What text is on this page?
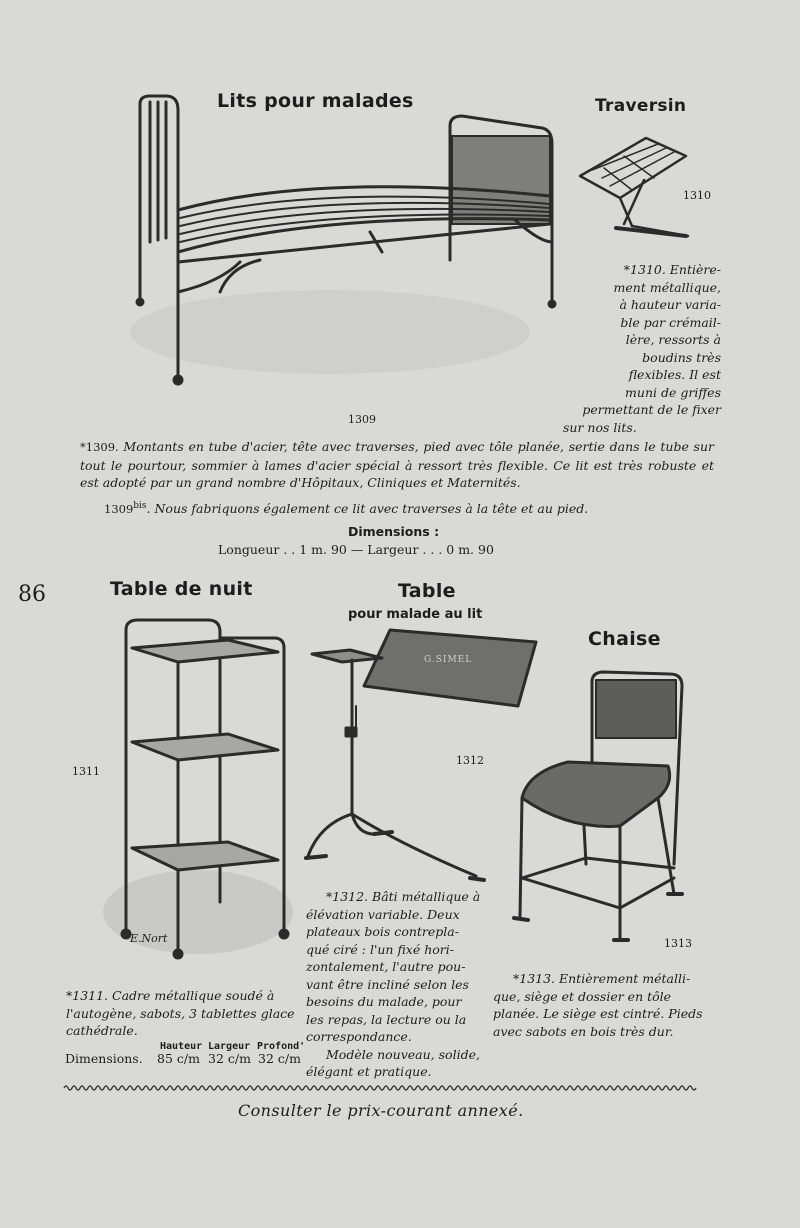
86
Lits pour malades
1309
*1309. Montants en tube d'acier, tête avec traverses, pied avec tôle planée, sertie dans le tube sur tout le pourtour, sommier à lames d'acier spécial à ressort très flexible. Ce lit est très robuste et est adopté par un grand nombre d'Hôpitaux, Cliniques et Maternités.
$1309^{bis}$. Nous fabriquons également ce lit avec traverses à la tête et au pied.
Dimensions :
Longueur . . 1 m. 90 — Largeur . . . 0 m. 90
Traversin
1310

*1310. Entière-

ment métallique,

à hauteur varia-

ble par crémail-

lère, ressorts à

boudins très

flexibles. Il est

muni de griffes

permettant de le fixer

sur nos lits.

Table de nuit
E.Nort
1311

*1311. Cadre métallique soudé à

l'autogène, sabots, 3 tablettes glace

cathédrale.

Hauteur Largeur Profond'
Dimensions. 85 c/m 32 c/m 32 c/m
Table
pour malade au lit
G.SIMEL
1312

*1312. Bâti métallique à

élévation variable. Deux

plateaux bois contrepla-

qué ciré : l'un fixé hori-

zontalement, l'autre pou-

vant être incliné selon les

besoins du malade, pour

les repas, la lecture ou la

correspondance.

Modèle nouveau, solide,

élégant et pratique.

Chaise
1313

*1313. Entièrement métalli-

que, siège et dossier en tôle

planée. Le siège est cintré. Pieds

avec sabots en bois très dur.

Consulter le prix-courant annexé.
